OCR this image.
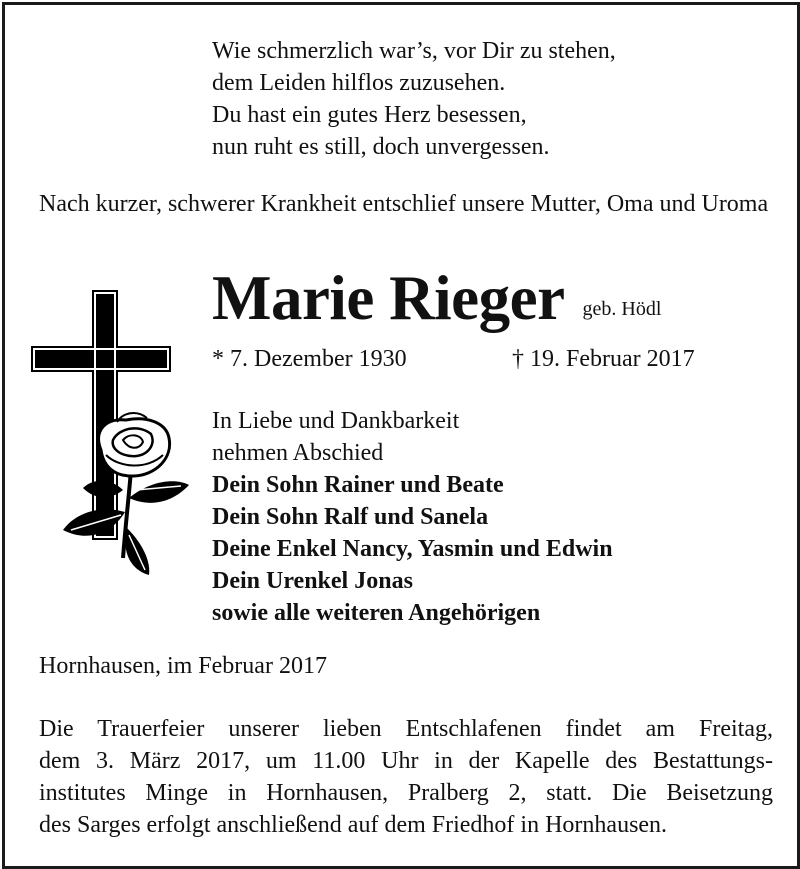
Wie schmerzlich war’s, vor Dir zu stehen,
dem Leiden hilflos zuzusehen.
Du hast ein gutes Herz besessen,
nun ruht es still, doch unvergessen.
Nach kurzer, schwerer Krankheit entschlief unsere Mutter, Oma und Uroma
Marie Rieger geb. Hödl
* 7. Dezember 1930	† 19. Februar 2017
In Liebe und Dankbarkeit
nehmen Abschied
Dein Sohn Rainer und Beate
Dein Sohn Ralf und Sanela
Deine Enkel Nancy, Yasmin und Edwin
Dein Urenkel Jonas
sowie alle weiteren Angehörigen
Hornhausen, im Februar 2017
Die Trauerfeier unserer lieben Entschlafenen findet am Freitag,
dem 3. März 2017, um 11.00 Uhr in der Kapelle des Bestattungs-
institutes Minge in Hornhausen, Pralberg 2, statt. Die Beisetzung
des Sarges erfolgt anschließend auf dem Friedhof in Hornhausen.
